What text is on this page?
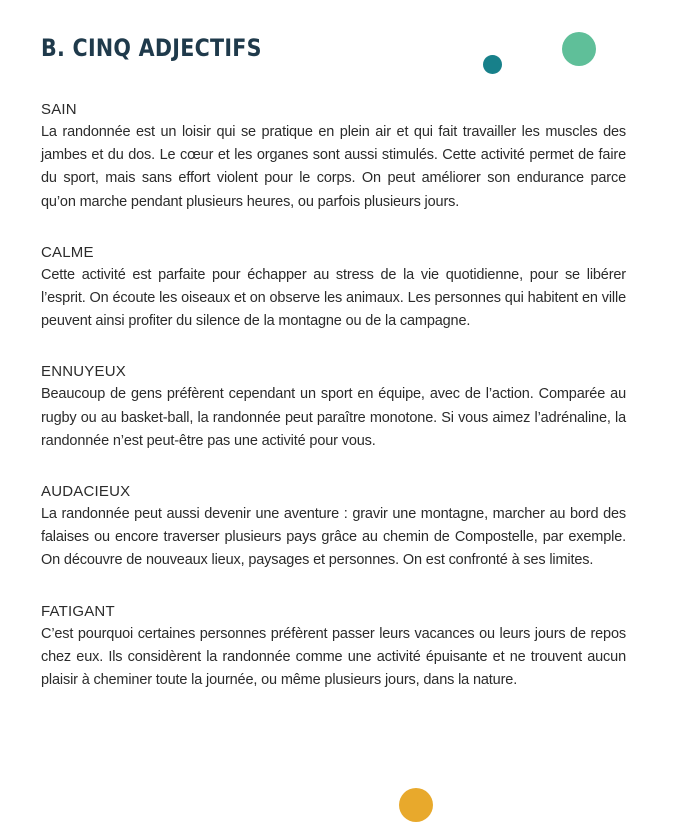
B. CINQ ADJECTIFS
SAIN

La randonnée est un loisir qui se pratique en plein air et qui fait travailler les muscles des jambes et du dos. Le cœur et les organes sont aussi stimulés. Cette activité permet de faire du sport, mais sans effort violent pour le corps. On peut améliorer son endurance parce qu’on marche pendant plusieurs heures, ou parfois plusieurs jours.

CALME

Cette activité est parfaite pour échapper au stress de la vie quotidienne, pour se libérer l’esprit. On écoute les oiseaux et on observe les animaux. Les personnes qui habitent en ville peuvent ainsi profiter du silence de la montagne ou de la campagne.

ENNUYEUX

Beaucoup de gens préfèrent cependant un sport en équipe, avec de l’action. Comparée au rugby ou au basket-ball, la randonnée peut paraître monotone. Si vous aimez l’adrénaline, la randonnée n’est peut-être pas une activité pour vous.

AUDACIEUX

La randonnée peut aussi devenir une aventure : gravir une montagne, marcher au bord des falaises ou encore traverser plusieurs pays grâce au chemin de Compostelle, par exemple. On découvre de nouveaux lieux, paysages et personnes. On est confronté à ses limites.

FATIGANT

C’est pourquoi certaines personnes préfèrent passer leurs vacances ou leurs jours de repos chez eux. Ils considèrent la randonnée comme une activité épuisante et ne trouvent aucun plaisir à cheminer toute la journée, ou même plusieurs jours, dans la nature.
